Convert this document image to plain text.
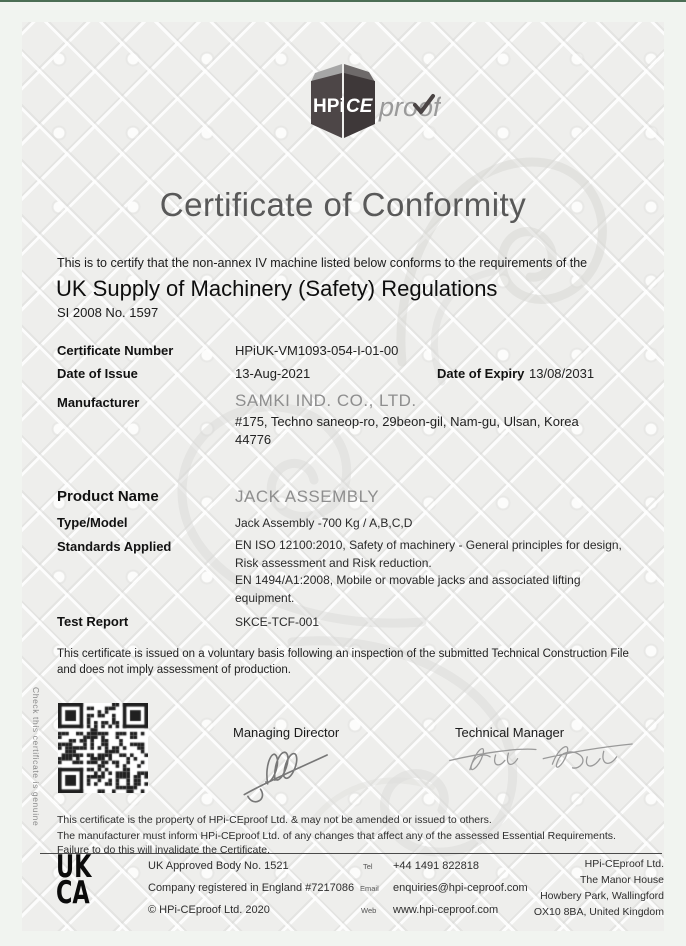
HPi CE proof
Certificate of Conformity
This is to certify that the non-annex IV machine listed below conforms to the requirements of the
UK Supply of Machinery (Safety) Regulations
SI 2008 No. 1597
Certificate Number	HPiUK-VM1093-054-I-01-00
Date of Issue	13-Aug-2021	Date of Expiry 13/08/2031
Manufacturer	SAMKI IND. CO., LTD.
#175, Techno saneop-ro, 29beon-gil, Nam-gu, Ulsan, Korea
44776
Product Name	JACK ASSEMBLY
Type/Model	Jack Assembly -700 Kg / A,B,C,D
Standards Applied	EN ISO 12100:2010, Safety of machinery - General principles for design, Risk assessment and Risk reduction.
EN 1494/A1:2008, Mobile or movable jacks and associated lifting equipment.
Test Report	SKCE-TCF-001
This certificate is issued on a voluntary basis following an inspection of the submitted Technical Construction File and does not imply assessment of production.
Check this certificate is genuine	Managing Director	Technical Manager
This certificate is the property of HPi-CEproof Ltd. & may not be amended or issued to others.
The manufacturer must inform HPi-CEproof Ltd. of any changes that affect any of the assessed Essential Requirements.
Failure to do this will invalidate the Certificate.
UK
CA
UK Approved Body No. 1521
Company registered in England #7217086
© HPi-CEproof Ltd. 2020
Tel +44 1491 822818
Email enquiries@hpi-ceproof.com
Web www.hpi-ceproof.com
HPi-CEproof Ltd.
The Manor House
Howbery Park, Wallingford
OX10 8BA, United Kingdom
